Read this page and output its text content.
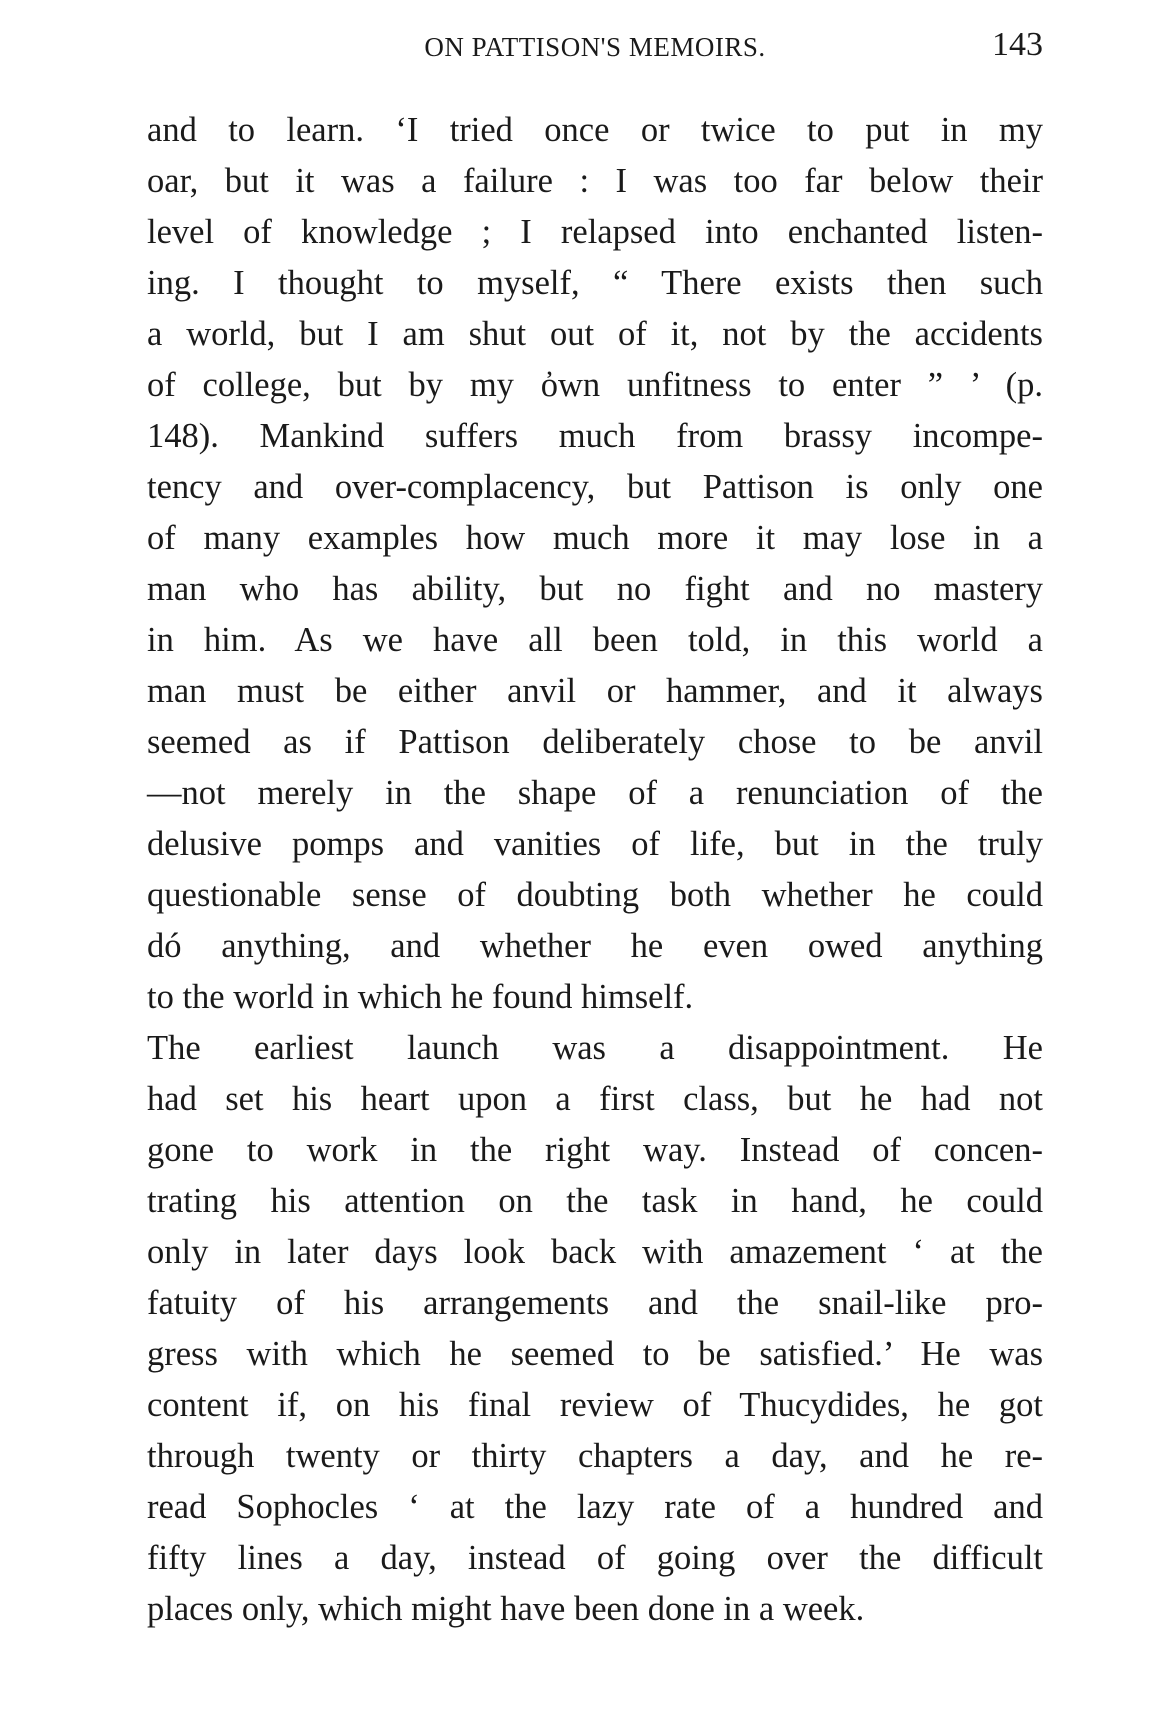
ON PATTISON'S MEMOIRS.	143
and to learn. ‘I tried once or twice to put in my
oar, but it was a failure : I was too far below their
level of knowledge ; I relapsed into enchanted listen-
ing. I thought to myself, “ There exists then such
a world, but I am shut out of it, not by the accidents
of college, but by my ὀwn unfitness to enter ” ’ (p.
148). Mankind suffers much from brassy incompe-
tency and over-complacency, but Pattison is only one
of many examples how much more it may lose in a
man who has ability, but no fight and no mastery
in him. As we have all been told, in this world a
man must be either anvil or hammer, and it always
seemed as if Pattison deliberately chose to be anvil
—not merely in the shape of a renunciation of the
delusive pomps and vanities of life, but in the truly
questionable sense of doubting both whether he could
dó anything, and whether he even owed anything
to the world in which he found himself.
The earliest launch was a disappointment. He
had set his heart upon a first class, but he had not
gone to work in the right way. Instead of concen-
trating his attention on the task in hand, he could
only in later days look back with amazement ‘ at the
fatuity of his arrangements and the snail-like pro-
gress with which he seemed to be satisfied.’ He was
content if, on his final review of Thucydides, he got
through twenty or thirty chapters a day, and he re-
read Sophocles ‘ at the lazy rate of a hundred and
fifty lines a day, instead of going over the difficult
places only, which might have been done in a week.
